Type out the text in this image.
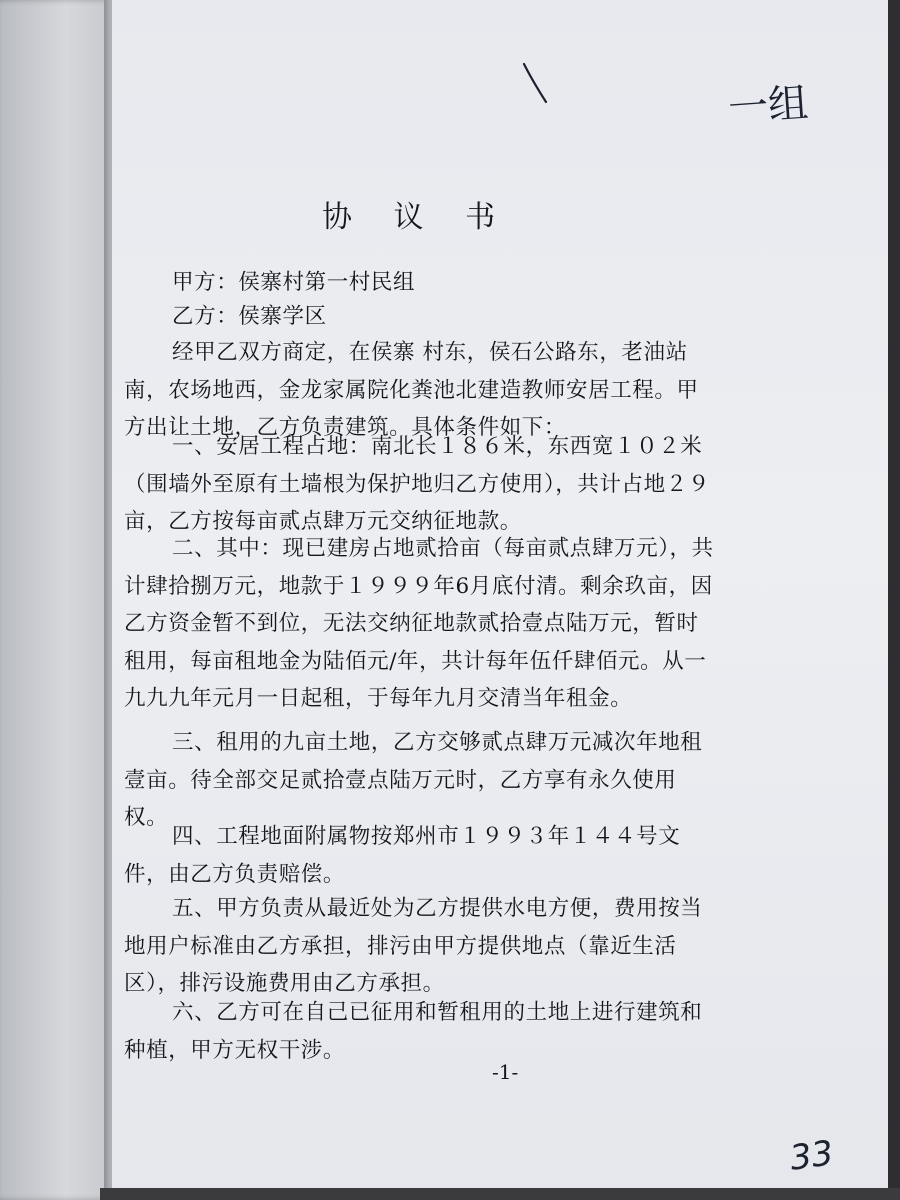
一组
33
协 议 书

甲方：侯寨村第一村民组

乙方：侯寨学区

经甲乙双方商定，在侯寨 村东，侯石公路东，老油站南，农场地西，金龙家属院化粪池北建造教师安居工程。甲方出让土地，乙方负责建筑。具体条件如下：

一、安居工程占地：南北长１８６米，东西宽１０２米（围墙外至原有土墙根为保护地归乙方使用），共计占地２９亩，乙方按每亩贰点肆万元交纳征地款。

二、其中：现已建房占地贰拾亩（每亩贰点肆万元），共计肆拾捌万元，地款于１９９９年6月底付清。剩余玖亩，因乙方资金暂不到位，无法交纳征地款贰拾壹点陆万元，暂时租用，每亩租地金为陆佰元/年，共计每年伍仟肆佰元。从一九九九年元月一日起租，于每年九月交清当年租金。

三、租用的九亩土地，乙方交够贰点肆万元减次年地租壹亩。待全部交足贰拾壹点陆万元时，乙方享有永久使用权。

四、工程地面附属物按郑州市１９９３年１４４号文件，由乙方负责赔偿。

五、甲方负责从最近处为乙方提供水电方便，费用按当地用户标准由乙方承担，排污由甲方提供地点（靠近生活区），排污设施费用由乙方承担。

六、乙方可在自己已征用和暂租用的土地上进行建筑和种植，甲方无权干涉。

-1-
